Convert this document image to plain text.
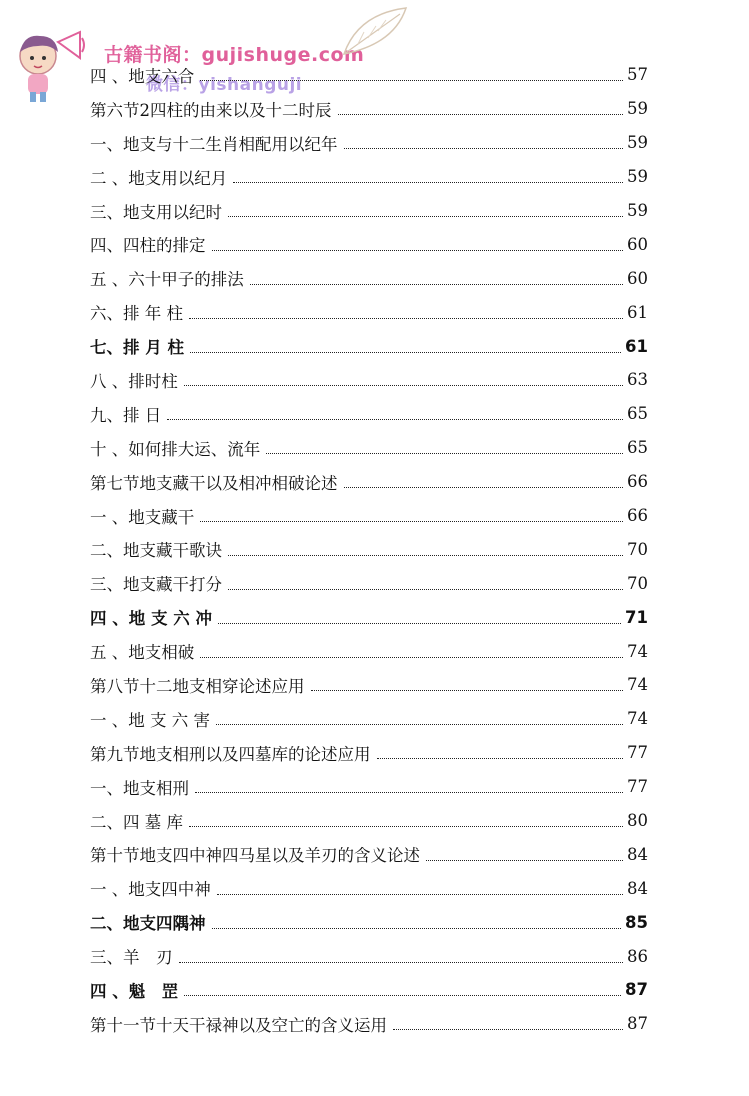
古籍书阁：gujishuge.com
微信：yishanguji
四 、地支六合	57
第六节2四柱的由来以及十二时辰	59
一、地支与十二生肖相配用以纪年	59
二 、地支用以纪月	59
三、地支用以纪时	59
四、四柱的排定	60
五 、六十甲子的排法	60
六、排 年 柱	61
七、排 月 柱	61
八 、排时柱	63
九、排 日	65
十 、如何排大运、流年	65
第七节地支藏干以及相冲相破论述	66
一 、地支藏干	66
二、地支藏干歌诀	70
三、地支藏干打分	70
四 、地 支 六 冲	71
五 、地支相破	74
第八节十二地支相穿论述应用	74
一 、地 支 六 害	74
第九节地支相刑以及四墓库的论述应用	77
一、地支相刑	77
二、四 墓 库	80
第十节地支四中神四马星以及羊刃的含义论述	84
一 、地支四中神	84
二、地支四隅神	85
三、羊　刃	86
四 、魁　罡	87
第十一节十天干禄神以及空亡的含义运用	87
